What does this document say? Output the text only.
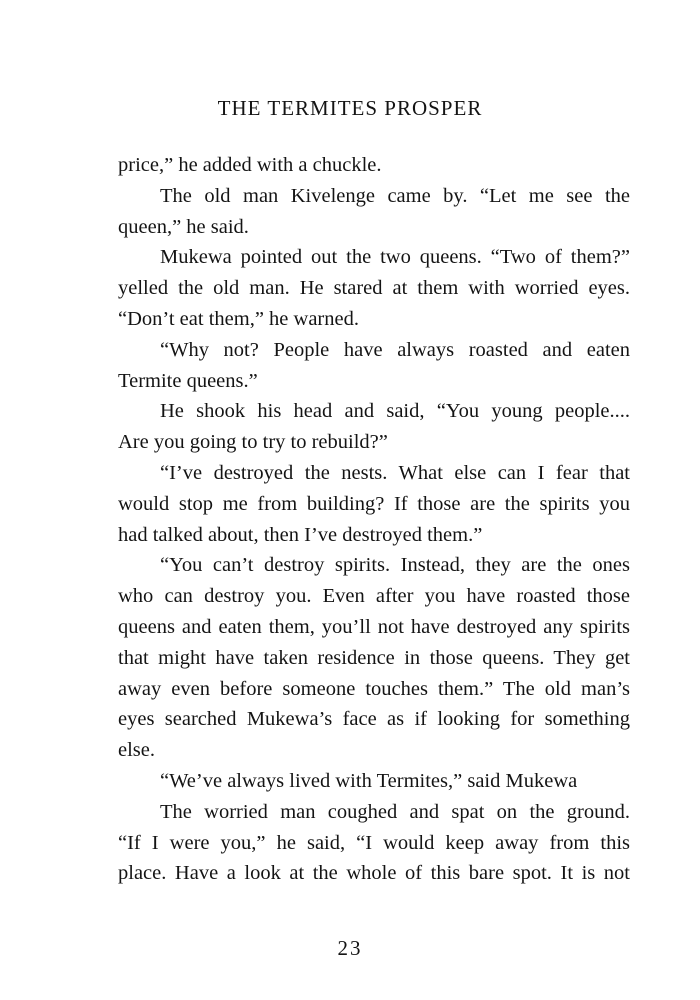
THE TERMITES PROSPER
price,” he added with a chuckle.
The old man Kivelenge came by. “Let me see the
queen,” he said.
Mukewa pointed out the two queens. “Two of them?”
yelled the old man. He stared at them with worried eyes.
“Don’t eat them,” he warned.
“Why not? People have always roasted and eaten
Termite queens.”
He shook his head and said, “You young people....
Are you going to try to rebuild?”
“I’ve destroyed the nests. What else can I fear that
would stop me from building? If those are the spirits you
had talked about, then I’ve destroyed them.”
“You can’t destroy spirits. Instead, they are the ones
who can destroy you. Even after you have roasted those
queens and eaten them, you’ll not have destroyed any spirits
that might have taken residence in those queens. They get
away even before someone touches them.” The old man’s
eyes searched Mukewa’s face as if looking for something
else.
“We’ve always lived with Termites,” said Mukewa
The worried man coughed and spat on the ground.
“If I were you,” he said, “I would keep away from this
place. Have a look at the whole of this bare spot. It is not
23
